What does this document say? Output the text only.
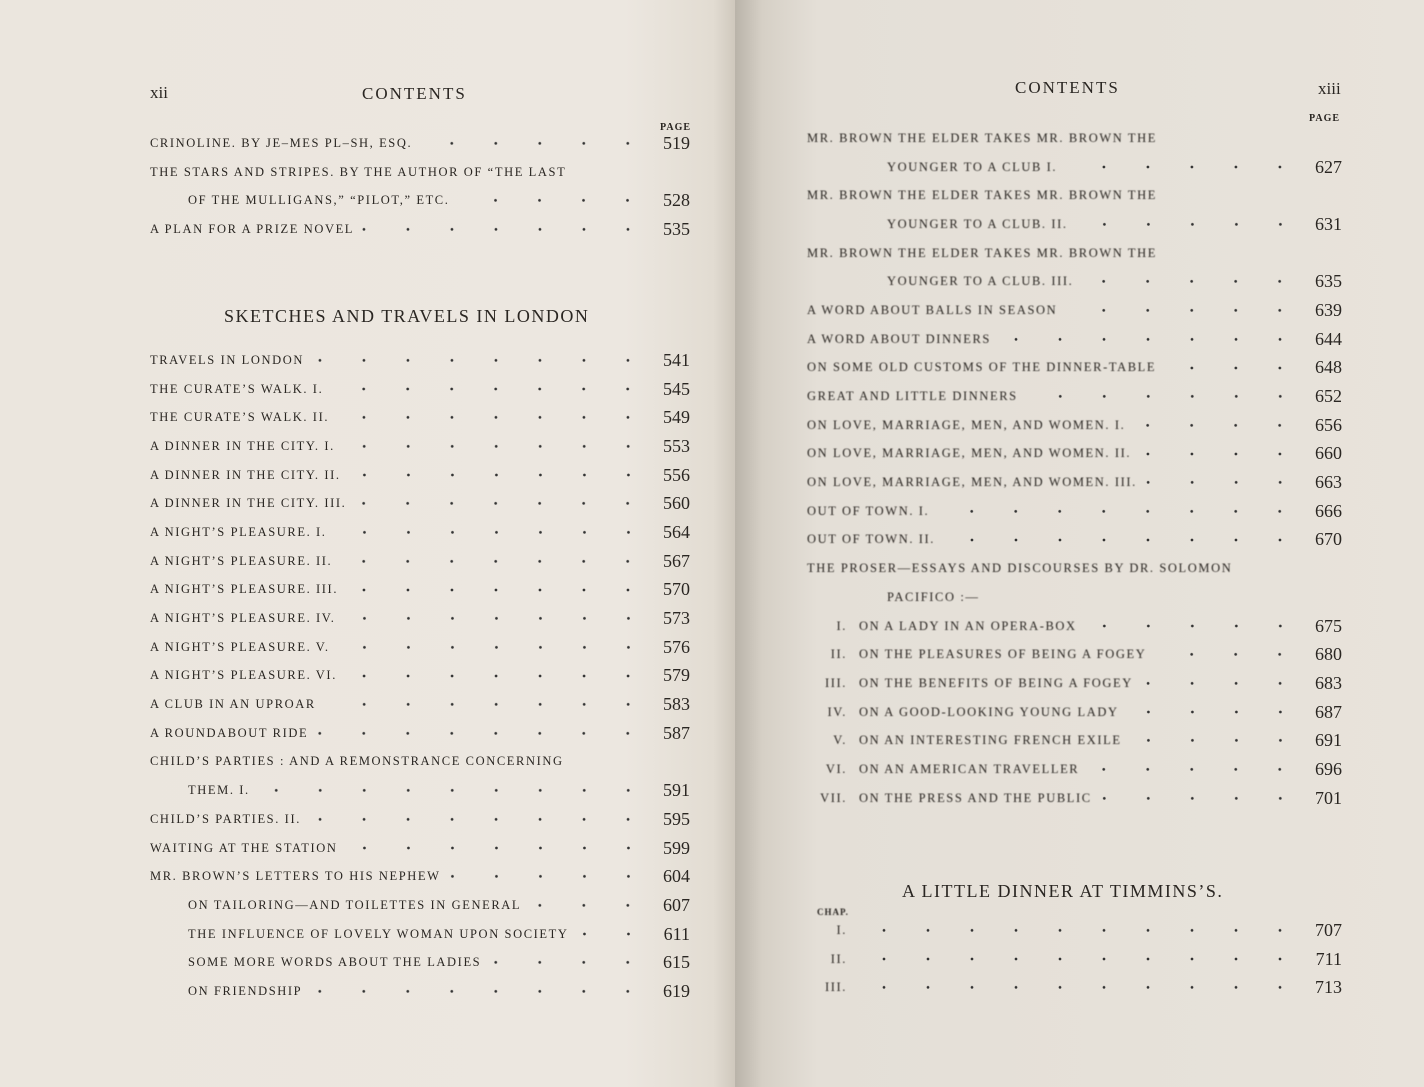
xii	CONTENTS
PAGE
CRINOLINE. BY JE–MES PL–SH, ESQ.	519
THE STARS AND STRIPES. BY THE AUTHOR OF “THE LAST
OF THE MULLIGANS,” “PILOT,” ETC.	528
A PLAN FOR A PRIZE NOVEL	535
SKETCHES AND TRAVELS IN LONDON
TRAVELS IN LONDON	541
THE CURATE’S WALK. I.	545
THE CURATE’S WALK. II.	549
A DINNER IN THE CITY. I.	553
A DINNER IN THE CITY. II.	556
A DINNER IN THE CITY. III.	560
A NIGHT’S PLEASURE. I.	564
A NIGHT’S PLEASURE. II.	567
A NIGHT’S PLEASURE. III.	570
A NIGHT’S PLEASURE. IV.	573
A NIGHT’S PLEASURE. V.	576
A NIGHT’S PLEASURE. VI.	579
A CLUB IN AN UPROAR	583
A ROUNDABOUT RIDE	587
CHILD’S PARTIES : AND A REMONSTRANCE CONCERNING
THEM. I.	591
CHILD’S PARTIES. II.	595
WAITING AT THE STATION	599
MR. BROWN’S LETTERS TO HIS NEPHEW	604
ON TAILORING—AND TOILETTES IN GENERAL	607
THE INFLUENCE OF LOVELY WOMAN UPON SOCIETY	611
SOME MORE WORDS ABOUT THE LADIES	615
ON FRIENDSHIP	619
CONTENTS	xiii
PAGE
MR. BROWN THE ELDER TAKES MR. BROWN THE
YOUNGER TO A CLUB I.	627
MR. BROWN THE ELDER TAKES MR. BROWN THE
YOUNGER TO A CLUB. II.	631
MR. BROWN THE ELDER TAKES MR. BROWN THE
YOUNGER TO A CLUB. III.	635
A WORD ABOUT BALLS IN SEASON	639
A WORD ABOUT DINNERS	644
ON SOME OLD CUSTOMS OF THE DINNER-TABLE	648
GREAT AND LITTLE DINNERS	652
ON LOVE, MARRIAGE, MEN, AND WOMEN. I.	656
ON LOVE, MARRIAGE, MEN, AND WOMEN. II.	660
ON LOVE, MARRIAGE, MEN, AND WOMEN. III.	663
OUT OF TOWN. I.	666
OUT OF TOWN. II.	670
THE PROSER—ESSAYS AND DISCOURSES BY DR. SOLOMON
PACIFICO :—
I. ON A LADY IN AN OPERA-BOX	675
II. ON THE PLEASURES OF BEING A FOGEY	680
III. ON THE BENEFITS OF BEING A FOGEY	683
IV. ON A GOOD-LOOKING YOUNG LADY	687
V. ON AN INTERESTING FRENCH EXILE	691
VI. ON AN AMERICAN TRAVELLER	696
VII. ON THE PRESS AND THE PUBLIC	701
A LITTLE DINNER AT TIMMINS’S.
CHAP.
I.	707
II.	711
III.	713
